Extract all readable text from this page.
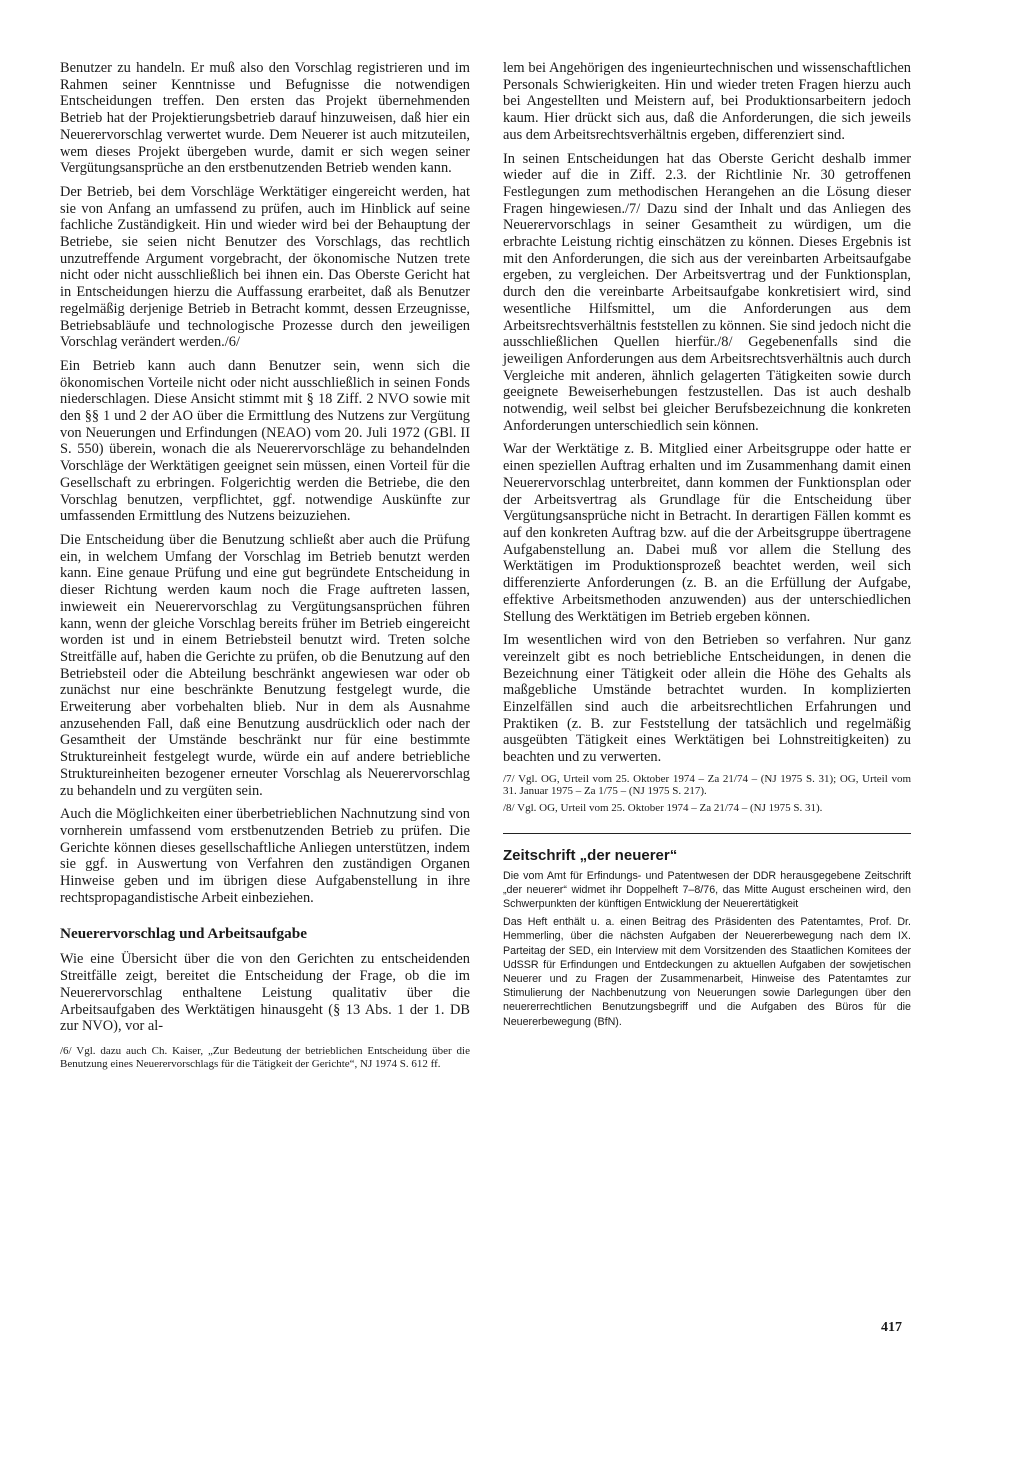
Benutzer zu handeln. Er muß also den Vorschlag registrieren und im Rahmen seiner Kenntnisse und Befugnisse die notwendigen Entscheidungen treffen. Den ersten das Projekt übernehmenden Betrieb hat der Projektierungsbetrieb darauf hinzuweisen, daß hier ein Neuerervorschlag verwertet wurde. Dem Neuerer ist auch mitzuteilen, wem dieses Projekt übergeben wurde, damit er sich wegen seiner Vergütungsansprüche an den erstbenutzenden Betrieb wenden kann.

Der Betrieb, bei dem Vorschläge Werktätiger eingereicht werden, hat sie von Anfang an umfassend zu prüfen, auch im Hinblick auf seine fachliche Zuständigkeit. Hin und wieder wird bei der Behauptung der Betriebe, sie seien nicht Benutzer des Vorschlags, das rechtlich unzutreffende Argument vorgebracht, der ökonomische Nutzen trete nicht oder nicht ausschließlich bei ihnen ein. Das Oberste Gericht hat in Entscheidungen hierzu die Auffassung erarbeitet, daß als Benutzer regelmäßig derjenige Betrieb in Betracht kommt, dessen Erzeugnisse, Betriebsabläufe und technologische Prozesse durch den jeweiligen Vorschlag verändert werden./6/

Ein Betrieb kann auch dann Benutzer sein, wenn sich die ökonomischen Vorteile nicht oder nicht ausschließlich in seinen Fonds niederschlagen. Diese Ansicht stimmt mit § 18 Ziff. 2 NVO sowie mit den §§ 1 und 2 der AO über die Ermittlung des Nutzens zur Vergütung von Neuerungen und Erfindungen (NEAO) vom 20. Juli 1972 (GBl. II S. 550) überein, wonach die als Neuerervorschläge zu behandelnden Vorschläge der Werktätigen geeignet sein müssen, einen Vorteil für die Gesellschaft zu erbringen. Folgerichtig werden die Betriebe, die den Vorschlag benutzen, verpflichtet, ggf. notwendige Auskünfte zur umfassenden Ermittlung des Nutzens beizuziehen.

Die Entscheidung über die Benutzung schließt aber auch die Prüfung ein, in welchem Umfang der Vorschlag im Betrieb benutzt werden kann. Eine genaue Prüfung und eine gut begründete Entscheidung in dieser Richtung werden kaum noch die Frage auftreten lassen, inwieweit ein Neuerervorschlag zu Vergütungsansprüchen führen kann, wenn der gleiche Vorschlag bereits früher im Betrieb eingereicht worden ist und in einem Betriebsteil benutzt wird. Treten solche Streitfälle auf, haben die Gerichte zu prüfen, ob die Benutzung auf den Betriebsteil oder die Abteilung beschränkt angewiesen war oder ob zunächst nur eine beschränkte Benutzung festgelegt wurde, die Erweiterung aber vorbehalten blieb. Nur in dem als Ausnahme anzusehenden Fall, daß eine Benutzung ausdrücklich oder nach der Gesamtheit der Umstände beschränkt nur für eine bestimmte Struktureinheit festgelegt wurde, würde ein auf andere betriebliche Struktureinheiten bezogener erneuter Vorschlag als Neuerervorschlag zu behandeln und zu vergüten sein.

Auch die Möglichkeiten einer überbetrieblichen Nachnutzung sind von vornherein umfassend vom erstbenutzenden Betrieb zu prüfen. Die Gerichte können dieses gesellschaftliche Anliegen unterstützen, indem sie ggf. in Auswertung von Verfahren den zuständigen Organen Hinweise geben und im übrigen diese Aufgabenstellung in ihre rechtspropagandistische Arbeit einbeziehen.

Neuerervorschlag und Arbeitsaufgabe

Wie eine Übersicht über die von den Gerichten zu entscheidenden Streitfälle zeigt, bereitet die Entscheidung der Frage, ob die im Neuerervorschlag enthaltene Leistung qualitativ über die Arbeitsaufgaben des Werktätigen hinausgeht (§ 13 Abs. 1 der 1. DB zur NVO), vor al-

/6/ Vgl. dazu auch Ch. Kaiser, „Zur Bedeutung der betrieblichen Entscheidung über die Benutzung eines Neuerervorschlags für die Tätigkeit der Gerichte“, NJ 1974 S. 612 ff.

lem bei Angehörigen des ingenieurtechnischen und wissenschaftlichen Personals Schwierigkeiten. Hin und wieder treten Fragen hierzu auch bei Angestellten und Meistern auf, bei Produktionsarbeitern jedoch kaum. Hier drückt sich aus, daß die Anforderungen, die sich jeweils aus dem Arbeitsrechtsverhältnis ergeben, differenziert sind.

In seinen Entscheidungen hat das Oberste Gericht deshalb immer wieder auf die in Ziff. 2.3. der Richtlinie Nr. 30 getroffenen Festlegungen zum methodischen Herangehen an die Lösung dieser Fragen hingewiesen./7/ Dazu sind der Inhalt und das Anliegen des Neuerervorschlags in seiner Gesamtheit zu würdigen, um die erbrachte Leistung richtig einschätzen zu können. Dieses Ergebnis ist mit den Anforderungen, die sich aus der vereinbarten Arbeitsaufgabe ergeben, zu vergleichen. Der Arbeitsvertrag und der Funktionsplan, durch den die vereinbarte Arbeitsaufgabe konkretisiert wird, sind wesentliche Hilfsmittel, um die Anforderungen aus dem Arbeitsrechtsverhältnis feststellen zu können. Sie sind jedoch nicht die ausschließlichen Quellen hierfür./8/ Gegebenenfalls sind die jeweiligen Anforderungen aus dem Arbeitsrechtsverhältnis auch durch Vergleiche mit anderen, ähnlich gelagerten Tätigkeiten sowie durch geeignete Beweiserhebungen festzustellen. Das ist auch deshalb notwendig, weil selbst bei gleicher Berufsbezeichnung die konkreten Anforderungen unterschiedlich sein können.

War der Werktätige z. B. Mitglied einer Arbeitsgruppe oder hatte er einen speziellen Auftrag erhalten und im Zusammenhang damit einen Neuerervorschlag unterbreitet, dann kommen der Funktionsplan oder der Arbeitsvertrag als Grundlage für die Entscheidung über Vergütungsansprüche nicht in Betracht. In derartigen Fällen kommt es auf den konkreten Auftrag bzw. auf die der Arbeitsgruppe übertragene Aufgabenstellung an. Dabei muß vor allem die Stellung des Werktätigen im Produktionsprozeß beachtet werden, weil sich differenzierte Anforderungen (z. B. an die Erfüllung der Aufgabe, effektive Arbeitsmethoden anzuwenden) aus der unterschiedlichen Stellung des Werktätigen im Betrieb ergeben können.

Im wesentlichen wird von den Betrieben so verfahren. Nur ganz vereinzelt gibt es noch betriebliche Entscheidungen, in denen die Bezeichnung einer Tätigkeit oder allein die Höhe des Gehalts als maßgebliche Umstände betrachtet wurden. In komplizierten Einzelfällen sind auch die arbeitsrechtlichen Erfahrungen und Praktiken (z. B. zur Feststellung der tatsächlich und regelmäßig ausgeübten Tätigkeit eines Werktätigen bei Lohnstreitigkeiten) zu beachten und zu verwerten.

/7/ Vgl. OG, Urteil vom 25. Oktober 1974 – Za 21/74 – (NJ 1975 S. 31); OG, Urteil vom 31. Januar 1975 – Za 1/75 – (NJ 1975 S. 217).

/8/ Vgl. OG, Urteil vom 25. Oktober 1974 – Za 21/74 – (NJ 1975 S. 31).

Zeitschrift „der neuerer“

Die vom Amt für Erfindungs- und Patentwesen der DDR herausgegebene Zeitschrift „der neuerer“ widmet ihr Doppelheft 7–8/76, das Mitte August erscheinen wird, den Schwerpunkten der künftigen Entwicklung der Neuerertätigkeit

Das Heft enthält u. a. einen Beitrag des Präsidenten des Patentamtes, Prof. Dr. Hemmerling, über die nächsten Aufgaben der Neuererbewegung nach dem IX. Parteitag der SED, ein Interview mit dem Vorsitzenden des Staatlichen Komitees der UdSSR für Erfindungen und Entdeckungen zu aktuellen Aufgaben der sowjetischen Neuerer und zu Fragen der Zusammenarbeit, Hinweise des Patentamtes zur Stimulierung der Nachbenutzung von Neuerungen sowie Darlegungen über den neuererrechtlichen Benutzungsbegriff und die Aufgaben des Büros für die Neuererbewegung (BfN).

417
